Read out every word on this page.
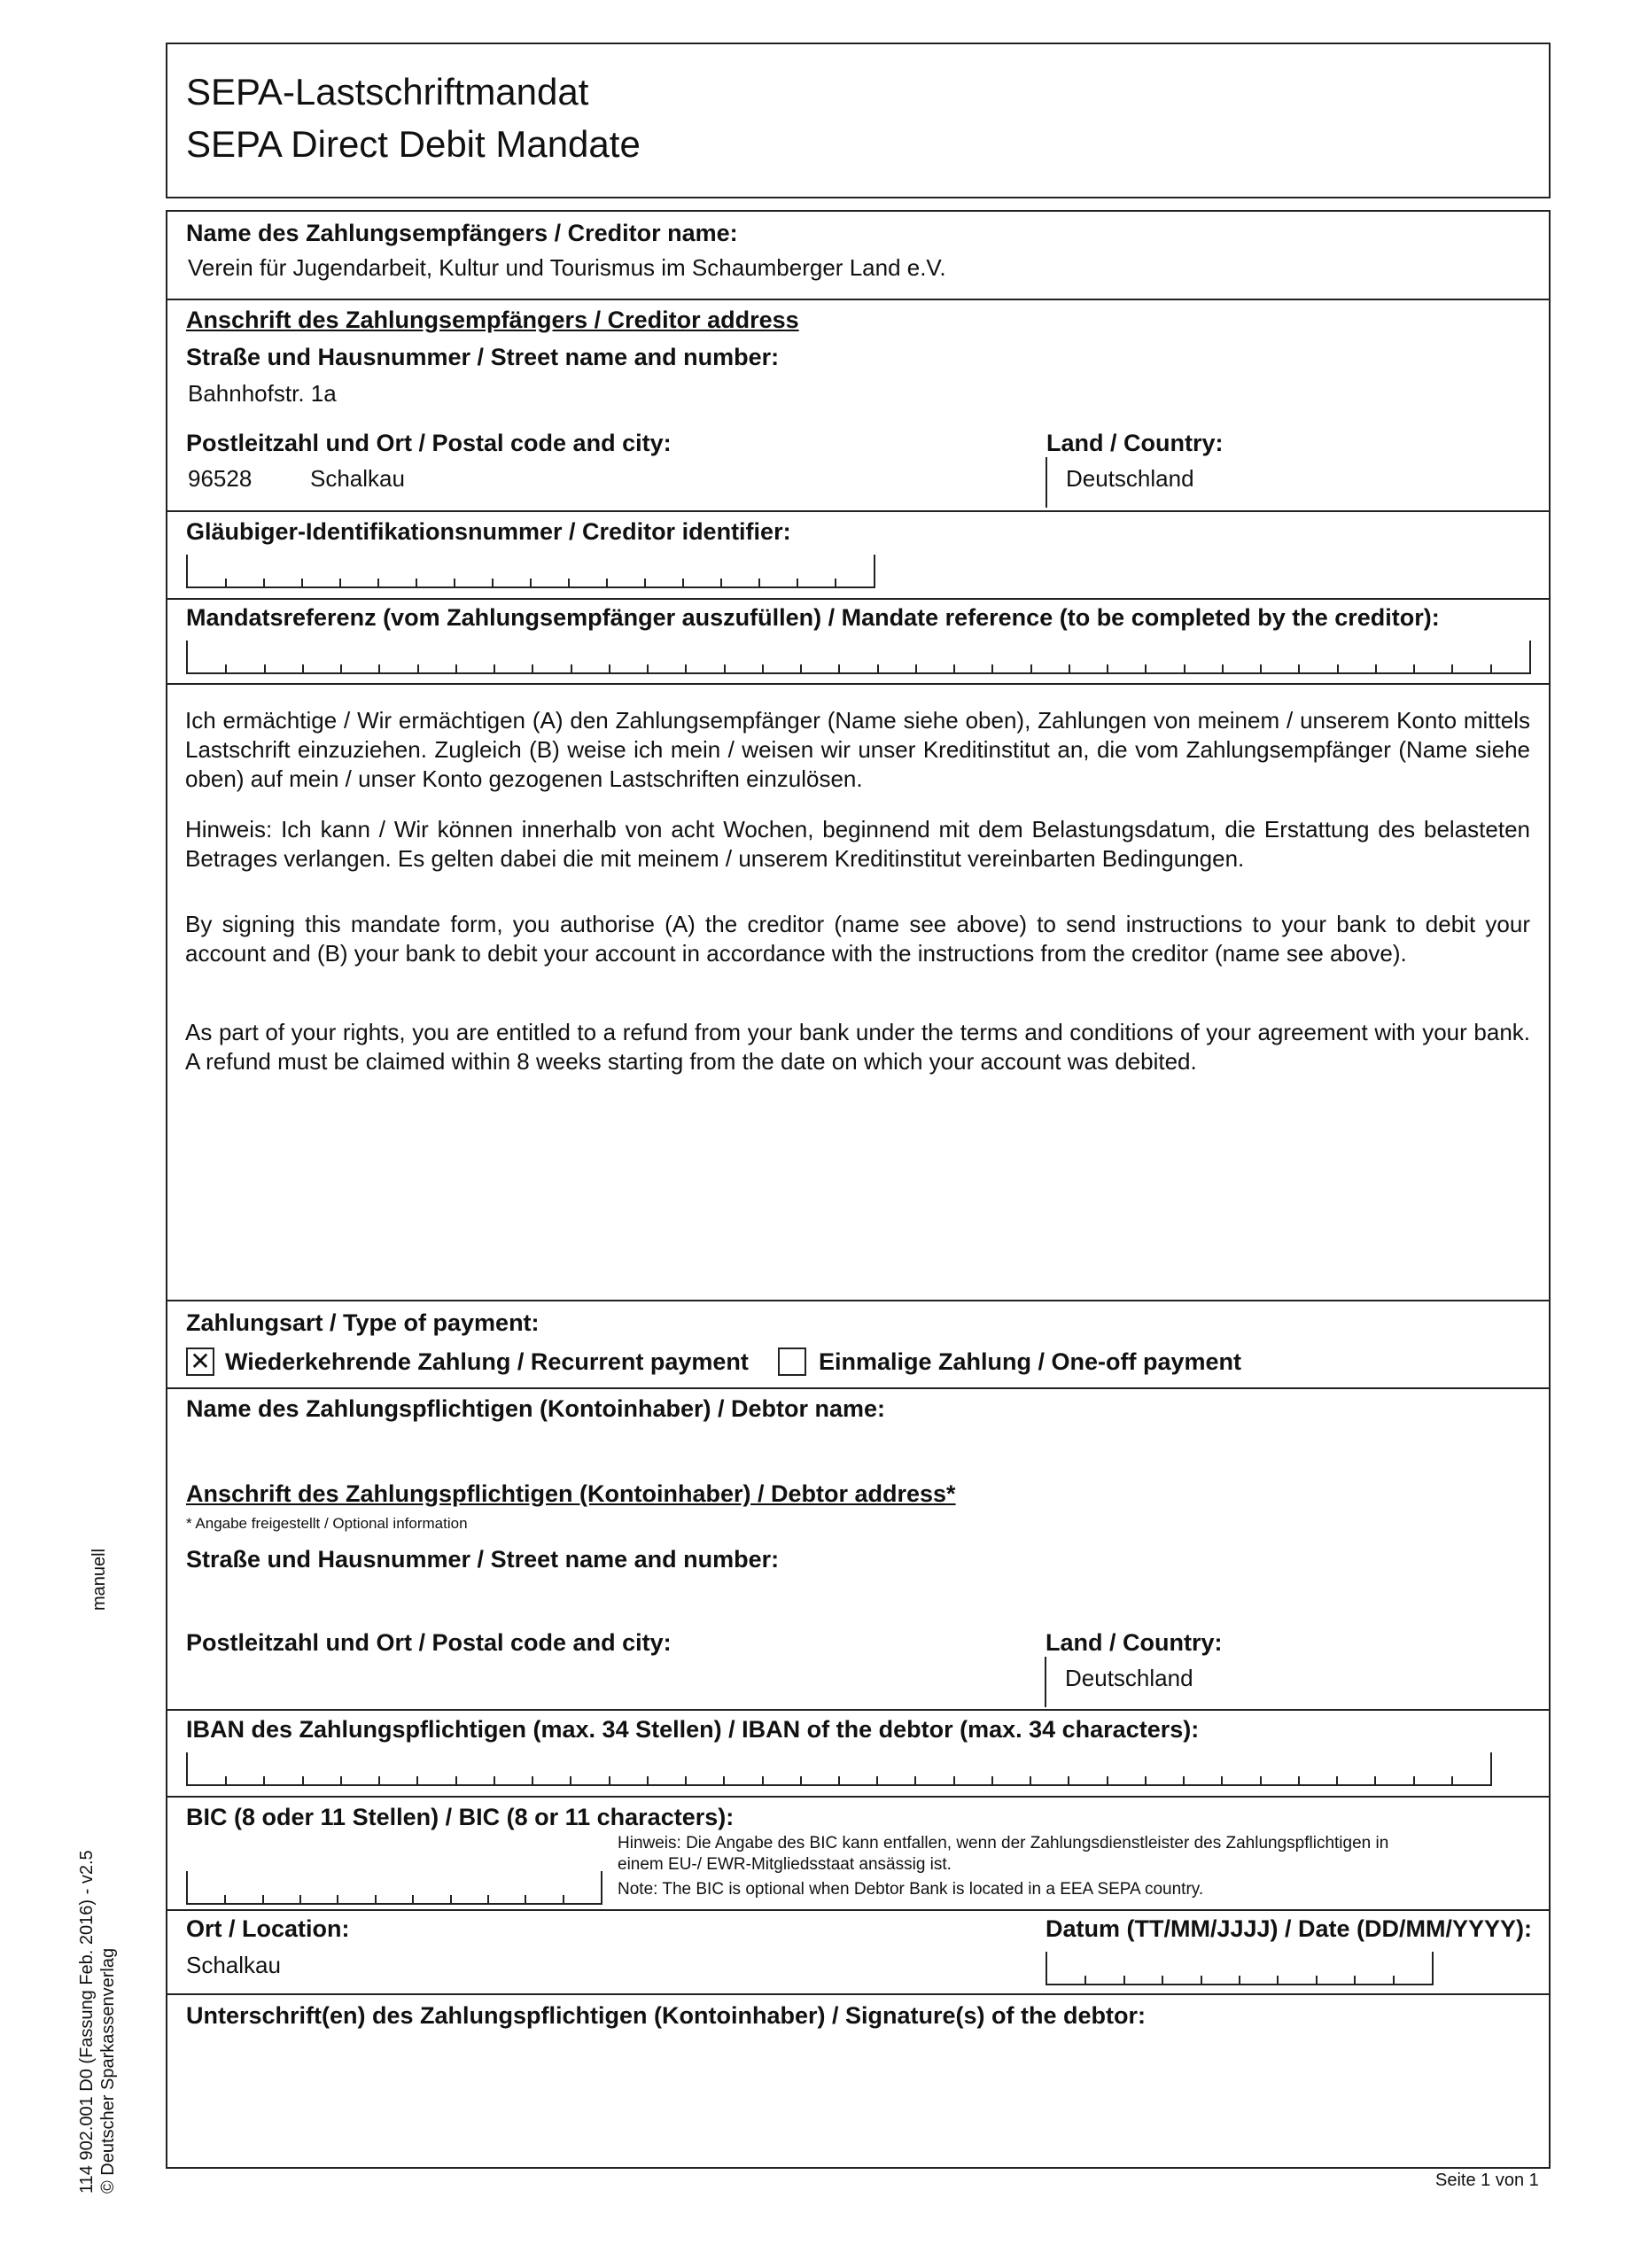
SEPA-Lastschriftmandat
SEPA Direct Debit Mandate
Name des Zahlungsempfängers / Creditor name:
Verein für Jugendarbeit, Kultur und Tourismus im Schaumberger Land e.V.
Anschrift des Zahlungsempfängers / Creditor address
Straße und Hausnummer / Street name and number:
Bahnhofstr. 1a
Postleitzahl und Ort / Postal code and city:
96528	Schalkau
Land / Country:
Deutschland
Gläubiger-Identifikationsnummer / Creditor identifier:
Mandatsreferenz (vom Zahlungsempfänger auszufüllen) / Mandate reference (to be completed by the creditor):
Ich ermächtige / Wir ermächtigen (A) den Zahlungsempfänger (Name siehe oben), Zahlungen von meinem / unserem Konto mittels Lastschrift einzuziehen. Zugleich (B) weise ich mein / weisen wir unser Kreditinstitut an, die vom Zahlungsempfänger (Name siehe oben) auf mein / unser Konto gezogenen Lastschriften einzulösen.
Hinweis: Ich kann / Wir können innerhalb von acht Wochen, beginnend mit dem Belastungsdatum, die Erstattung des belasteten Betrages verlangen. Es gelten dabei die mit meinem / unserem Kreditinstitut vereinbarten Bedingungen.
By signing this mandate form, you authorise (A) the creditor (name see above) to send instructions to your bank to debit your account and (B) your bank to debit your account in accordance with the instructions from the creditor (name see above).
As part of your rights, you are entitled to a refund from your bank under the terms and conditions of your agreement with your bank. A refund must be claimed within 8 weeks starting from the date on which your account was debited.
Zahlungsart / Type of payment:
✕ Wiederkehrende Zahlung / Recurrent payment	Einmalige Zahlung / One-off payment
Name des Zahlungspflichtigen (Kontoinhaber) / Debtor name:
Anschrift des Zahlungspflichtigen (Kontoinhaber) / Debtor address*
* Angabe freigestellt / Optional information
Straße und Hausnummer / Street name and number:
Postleitzahl und Ort / Postal code and city:	Land / Country:
Deutschland
IBAN des Zahlungspflichtigen (max. 34 Stellen) / IBAN of the debtor (max. 34 characters):
BIC (8 oder 11 Stellen) / BIC (8 or 11 characters):
Hinweis: Die Angabe des BIC kann entfallen, wenn der Zahlungsdienstleister des Zahlungspflichtigen in
einem EU-/ EWR-Mitgliedsstaat ansässig ist.
Note: The BIC is optional when Debtor Bank is located in a EEA SEPA country.
Ort / Location:
Schalkau
Datum (TT/MM/JJJJ) / Date (DD/MM/YYYY):
Unterschrift(en) des Zahlungspflichtigen (Kontoinhaber) / Signature(s) of the debtor:
Seite 1 von 1
manuell
114 902.001 D0 (Fassung Feb. 2016) - v2.5 © Deutscher Sparkassenverlag
